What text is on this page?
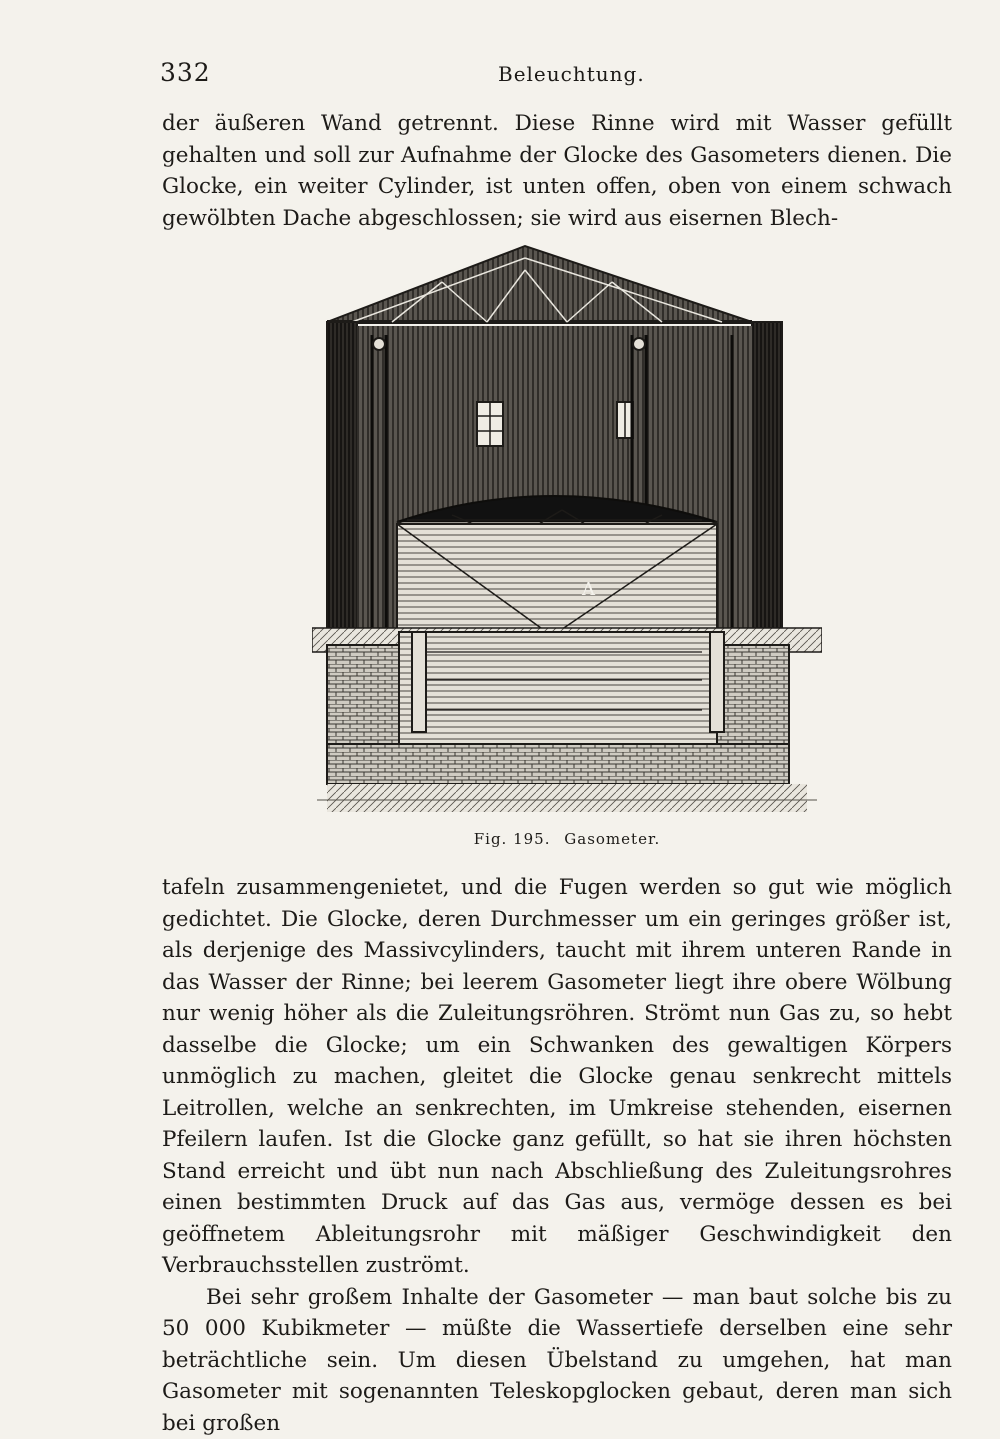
332	Beleuchtung.

der äußeren Wand getrennt. Diese Rinne wird mit Wasser gefüllt gehalten und soll zur Aufnahme der Glocke des Gasometers dienen. Die Glocke, ein weiter Cylinder, ist unten offen, oben von einem schwach gewölbten Dache abgeschlossen; sie wird aus eisernen Blech-

A
Fig. 195. Gasometer.

tafeln zusammengenietet, und die Fugen werden so gut wie möglich gedichtet. Die Glocke, deren Durchmesser um ein geringes größer ist, als derjenige des Massivcylinders, taucht mit ihrem unteren Rande in das Wasser der Rinne; bei leerem Gasometer liegt ihre obere Wölbung nur wenig höher als die Zuleitungsröhren. Strömt nun Gas zu, so hebt dasselbe die Glocke; um ein Schwanken des gewaltigen Körpers unmöglich zu machen, gleitet die Glocke genau senkrecht mittels Leitrollen, welche an senkrechten, im Umkreise stehenden, eisernen Pfeilern laufen. Ist die Glocke ganz gefüllt, so hat sie ihren höchsten Stand erreicht und übt nun nach Abschließung des Zuleitungsrohres einen bestimmten Druck auf das Gas aus, vermöge dessen es bei geöffnetem Ableitungsrohr mit mäßiger Geschwindigkeit den Verbrauchsstellen zuströmt.

Bei sehr großem Inhalte der Gasometer — man baut solche bis zu 50 000 Kubikmeter — müßte die Wassertiefe derselben eine sehr beträchtliche sein. Um diesen Übelstand zu umgehen, hat man Gasometer mit sogenannten Teleskopglocken gebaut, deren man sich bei großen
